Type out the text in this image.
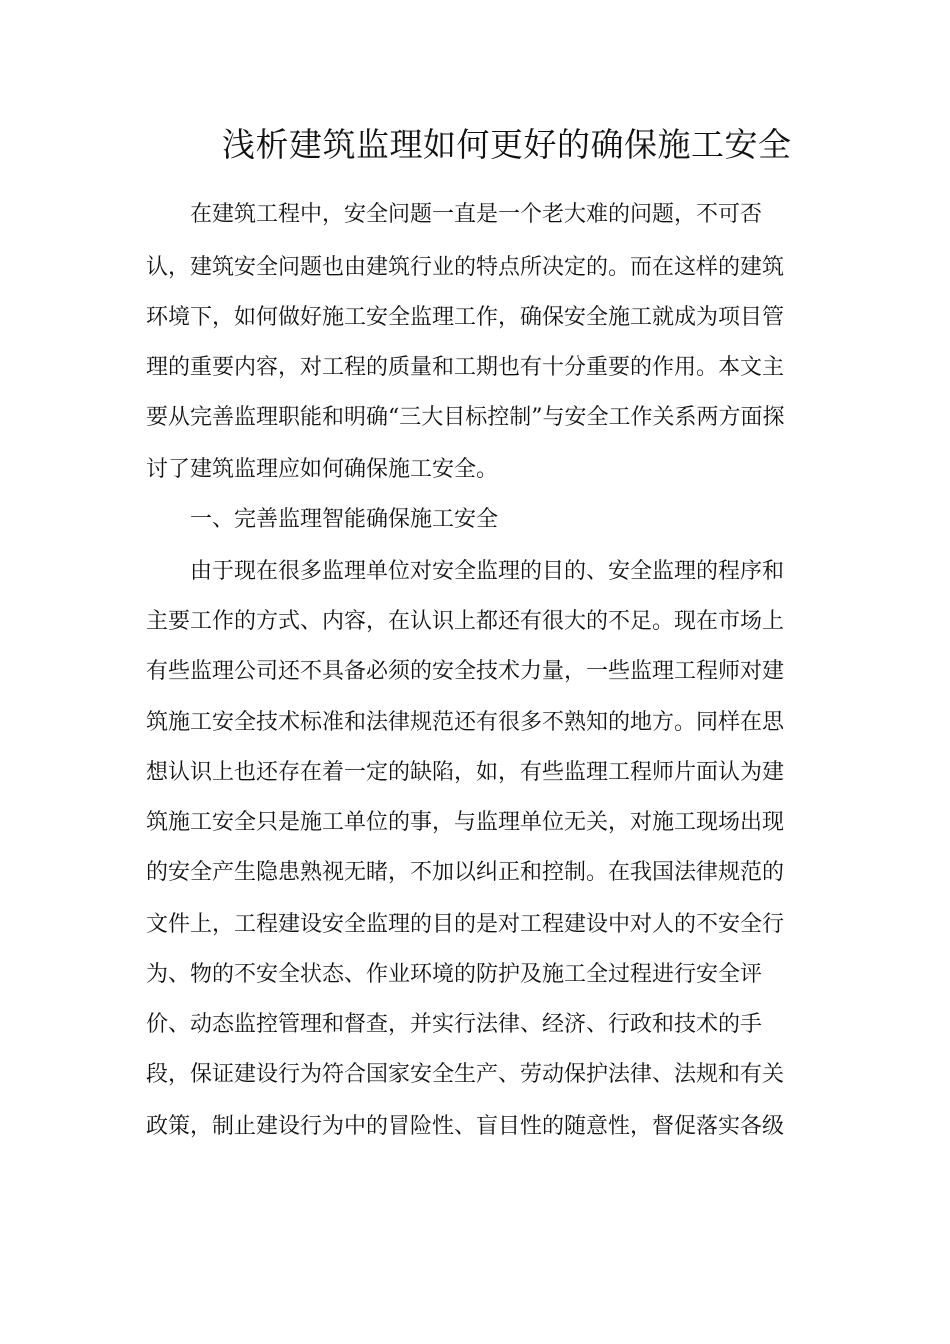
浅析建筑监理如何更好的确保施工安全
在建筑工程中，安全问题一直是一个老大难的问题，不可否
认，建筑安全问题也由建筑行业的特点所决定的。而在这样的建筑
环境下，如何做好施工安全监理工作，确保安全施工就成为项目管
理的重要内容，对工程的质量和工期也有十分重要的作用。本文主
要从完善监理职能和明确“三大目标控制”与安全工作关系两方面探
讨了建筑监理应如何确保施工安全。
一、完善监理智能确保施工安全
由于现在很多监理单位对安全监理的目的、安全监理的程序和
主要工作的方式、内容，在认识上都还有很大的不足。现在市场上
有些监理公司还不具备必须的安全技术力量，一些监理工程师对建
筑施工安全技术标准和法律规范还有很多不熟知的地方。同样在思
想认识上也还存在着一定的缺陷，如，有些监理工程师片面认为建
筑施工安全只是施工单位的事，与监理单位无关，对施工现场出现
的安全产生隐患熟视无睹，不加以纠正和控制。在我国法律规范的
文件上，工程建设安全监理的目的是对工程建设中对人的不安全行
为、物的不安全状态、作业环境的防护及施工全过程进行安全评
价、动态监控管理和督查，并实行法律、经济、行政和技术的手
段，保证建设行为符合国家安全生产、劳动保护法律、法规和有关
政策，制止建设行为中的冒险性、盲目性的随意性，督促落实各级
